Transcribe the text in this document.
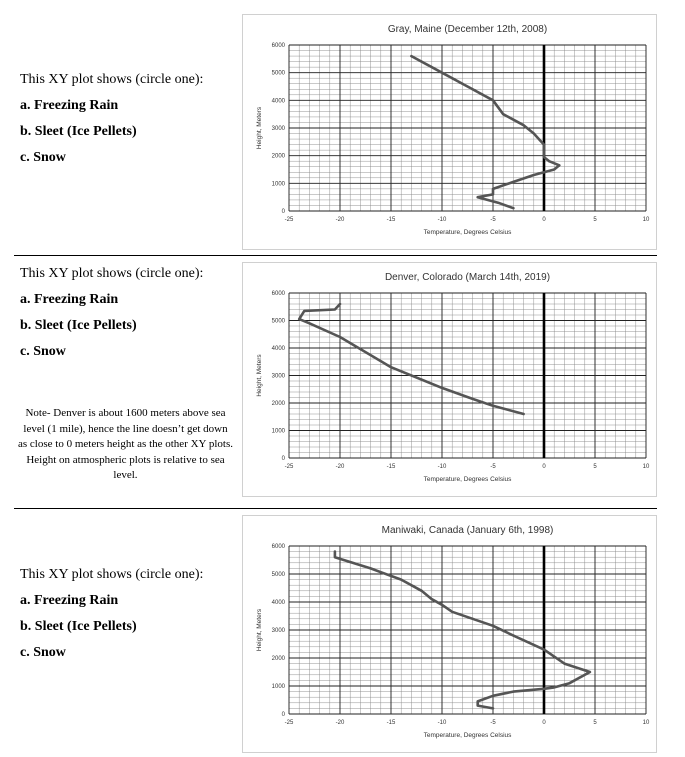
This XY plot shows (circle one):
a. Freezing Rain
b. Sleet (Ice Pellets)
c. Snow
Gray, Maine (December 12th, 2008)
-25	-20	-15	-10	-5	0	5	10
0
1000
2000
3000
4000
5000
6000
Temperature, Degrees Celsius
Height, Meters
This XY plot shows (circle one):
a. Freezing Rain
b. Sleet (Ice Pellets)
c. Snow
Note- Denver is about 1600 meters above sea level (1 mile), hence the line doesn’t get down as close to 0 meters height as the other XY plots. Height on atmospheric plots is relative to sea level.
Denver, Colorado (March 14th, 2019)
-25	-20	-15	-10	-5	0	5	10
0
1000
2000
3000
4000
5000
6000
Temperature, Degrees Celsius
Height, Meters
This XY plot shows (circle one):
a. Freezing Rain
b. Sleet (Ice Pellets)
c. Snow
Maniwaki, Canada (January 6th, 1998)
-25	-20	-15	-10	-5	0	5	10
0
1000
2000
3000
4000
5000
6000
Temperature, Degrees Celsius
Height, Meters
